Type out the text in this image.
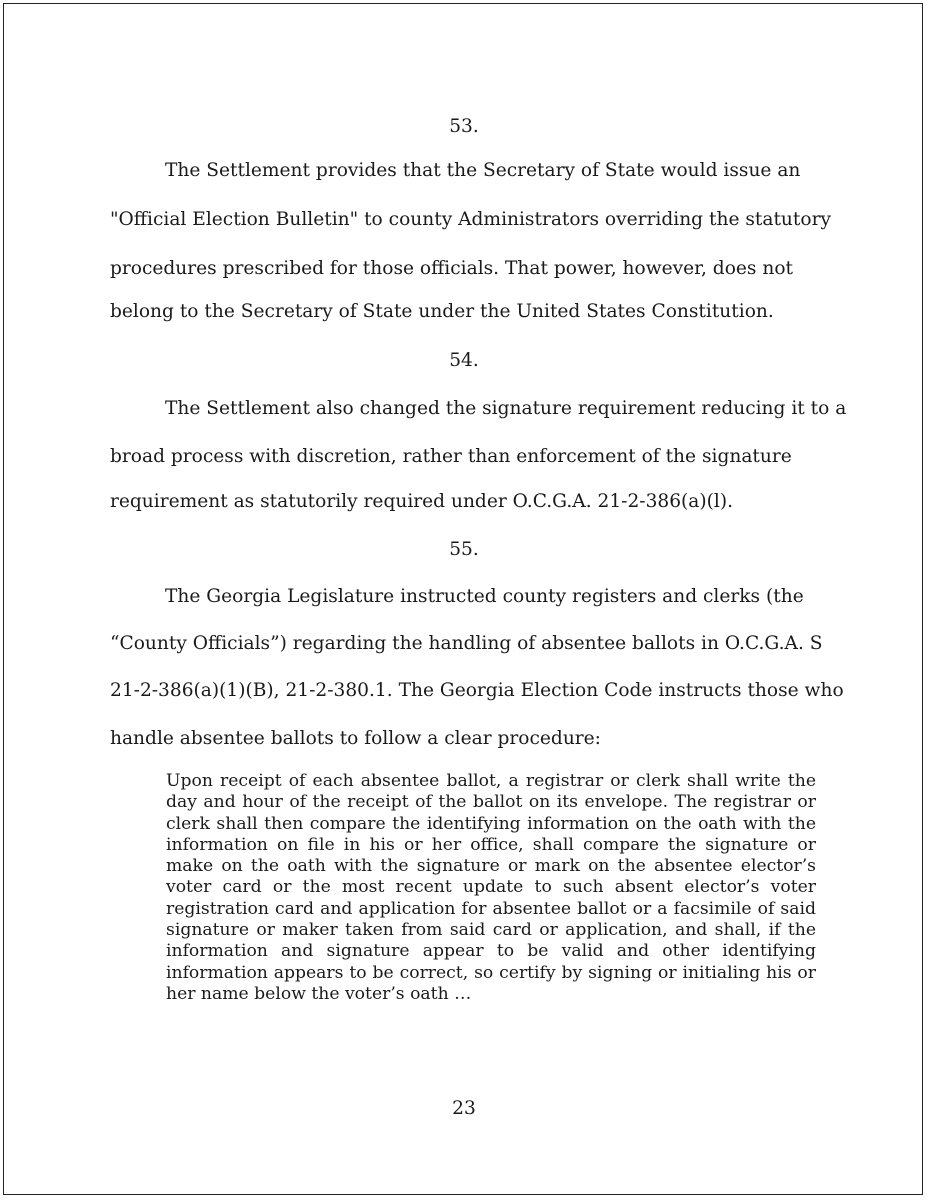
53.

The Settlement provides that the Secretary of State would issue an

"Official Election Bulletin" to county Administrators overriding the statutory

procedures prescribed for those officials. That power, however, does not

belong to the Secretary of State under the United States Constitution.

54.

The Settlement also changed the signature requirement reducing it to a

broad process with discretion, rather than enforcement of the signature

requirement as statutorily required under O.C.G.A. 21-2-386(a)(l).

55.

The Georgia Legislature instructed county registers and clerks (the

“County Officials”) regarding the handling of absentee ballots in O.C.G.A. S

21-2-386(a)(1)(B), 21-2-380.1. The Georgia Election Code instructs those who

handle absentee ballots to follow a clear procedure:

Upon receipt of each absentee ballot, a registrar or clerk shall write the day and hour of the receipt of the ballot on its envelope. The registrar or clerk shall then compare the identifying information on the oath with the information on file in his or her office, shall compare the signature or make on the oath with the signature or mark on the absentee elector’s voter card or the most recent update to such absent elector’s voter registration card and application for absentee ballot or a facsimile of said signature or maker taken from said card or application, and shall, if the information and signature appear to be valid and other identifying information appears to be correct, so certify by signing or initialing his or her name below the voter’s oath …

23
